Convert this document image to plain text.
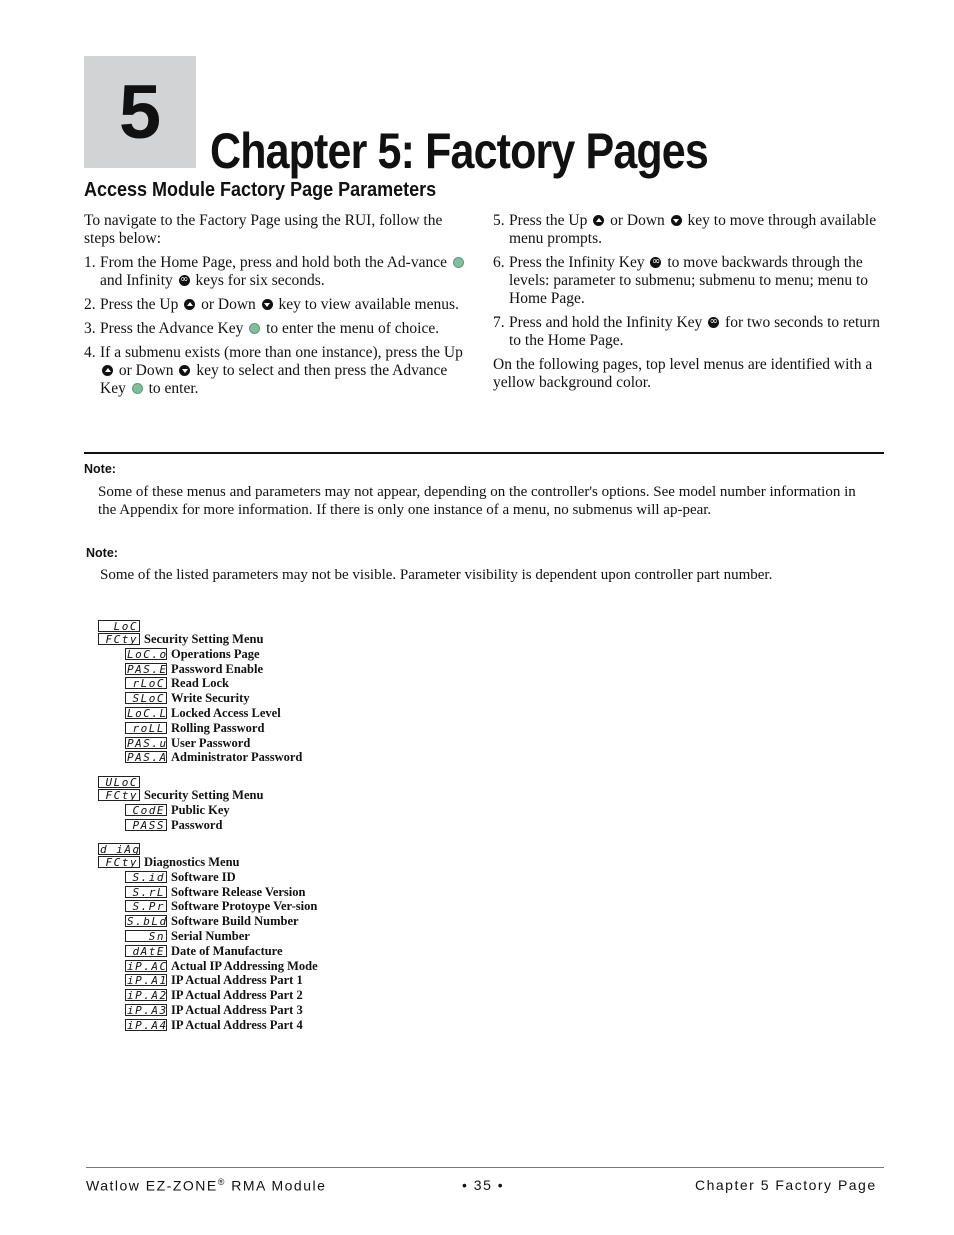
5 Chapter 5: Factory Pages
Access Module Factory Page Parameters

To navigate to the Factory Page using the RUI, follow the steps below:

1. From the Home Page, press and hold both the Ad-vance  and Infinity ∞ keys for six seconds.
2. Press the Up  or Down  key to view available menus.
3. Press the Advance Key  to enter the menu of choice.
4. If a submenu exists (more than one instance), press the Up  or Down  key to select and then press the Advance Key  to enter.
5. Press the Up  or Down  key to move through available menu prompts.
6. Press the Infinity Key ∞ to move backwards through the levels: parameter to submenu; submenu to menu; menu to Home Page.
7. Press and hold the Infinity Key ∞ for two seconds to return to the Home Page.

On the following pages, top level menus are identified with a yellow background color.

Note:
Some of these menus and parameters may not appear, depending on the controller's options. See model number information in the Appendix for more information. If there is only one instance of a menu, no submenus will ap-pear.
Note:
Some of the listed parameters may not be visible. Parameter visibility is dependent upon controller part number.
LoC
FCty Security Setting Menu
LoC.o Operations Page
PAS.E Password Enable
rLoC Read Lock
SLoC Write Security
LoC.L Locked Access Level
roLL Rolling Password
PAS.u User Password
PAS.A Administrator Password
ULoC
FCty Security Setting Menu
CodE Public Key
PASS Password
d iAg
FCty Diagnostics Menu
S.id Software ID
S.rL Software Release Version
S.Pr Software Protoype Ver-sion
S.bLd Software Build Number
Sn Serial Number
dAtE Date of Manufacture
iP.AC Actual IP Addressing Mode
iP.A1 IP Actual Address Part 1
iP.A2 IP Actual Address Part 2
iP.A3 IP Actual Address Part 3
iP.A4 IP Actual Address Part 4
Watlow EZ-ZONE® RMA Module	• 35 •	Chapter 5 Factory Page
